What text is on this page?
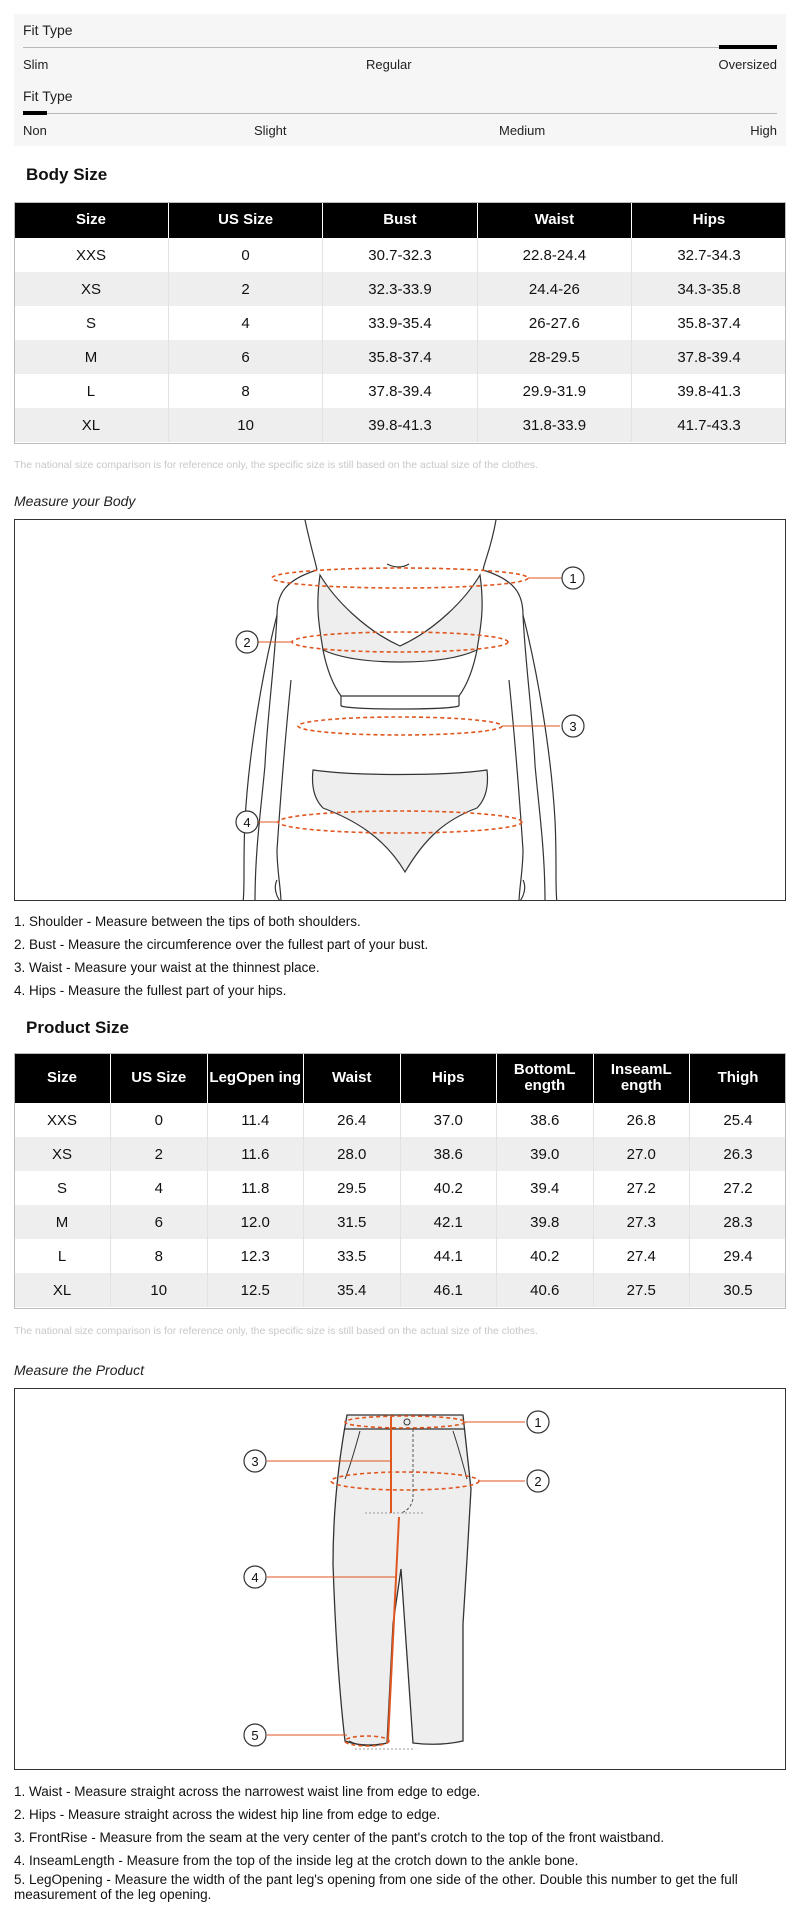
Fit Type
Slim	Regular	Oversized
Fit Type
Non	Slight	Medium	High
Body Size
Size	US Size	Bust	Waist	Hips
XXS	0	30.7-32.3	22.8-24.4	32.7-34.3
XS	2	32.3-33.9	24.4-26	34.3-35.8
S	4	33.9-35.4	26-27.6	35.8-37.4
M	6	35.8-37.4	28-29.5	37.8-39.4
L	8	37.8-39.4	29.9-31.9	39.8-41.3
XL	10	39.8-41.3	31.8-33.9	41.7-43.3
The national size comparison is for reference only, the specific size is still based on the actual size of the clothes.
Measure your Body
1
2
3
4
1. Shoulder - Measure between the tips of both shoulders.
2. Bust - Measure the circumference over the fullest part of your bust.
3. Waist - Measure your waist at the thinnest place.
4. Hips - Measure the fullest part of your hips.
Product Size
Size	US Size	LegOpen ing	Waist	Hips	BottomL ength	InseamL ength	Thigh
XXS	0	11.4	26.4	37.0	38.6	26.8	25.4
XS	2	11.6	28.0	38.6	39.0	27.0	26.3
S	4	11.8	29.5	40.2	39.4	27.2	27.2
M	6	12.0	31.5	42.1	39.8	27.3	28.3
L	8	12.3	33.5	44.1	40.2	27.4	29.4
XL	10	12.5	35.4	46.1	40.6	27.5	30.5
The national size comparison is for reference only, the specific size is still based on the actual size of the clothes.
Measure the Product
1
2
3
4
5
1. Waist - Measure straight across the narrowest waist line from edge to edge.
2. Hips - Measure straight across the widest hip line from edge to edge.
3. FrontRise - Measure from the seam at the very center of the pant's crotch to the top of the front waistband.
4. InseamLength - Measure from the top of the inside leg at the crotch down to the ankle bone.
5. LegOpening - Measure the width of the pant leg's opening from one side of the other. Double this number to get the full measurement of the leg opening.
